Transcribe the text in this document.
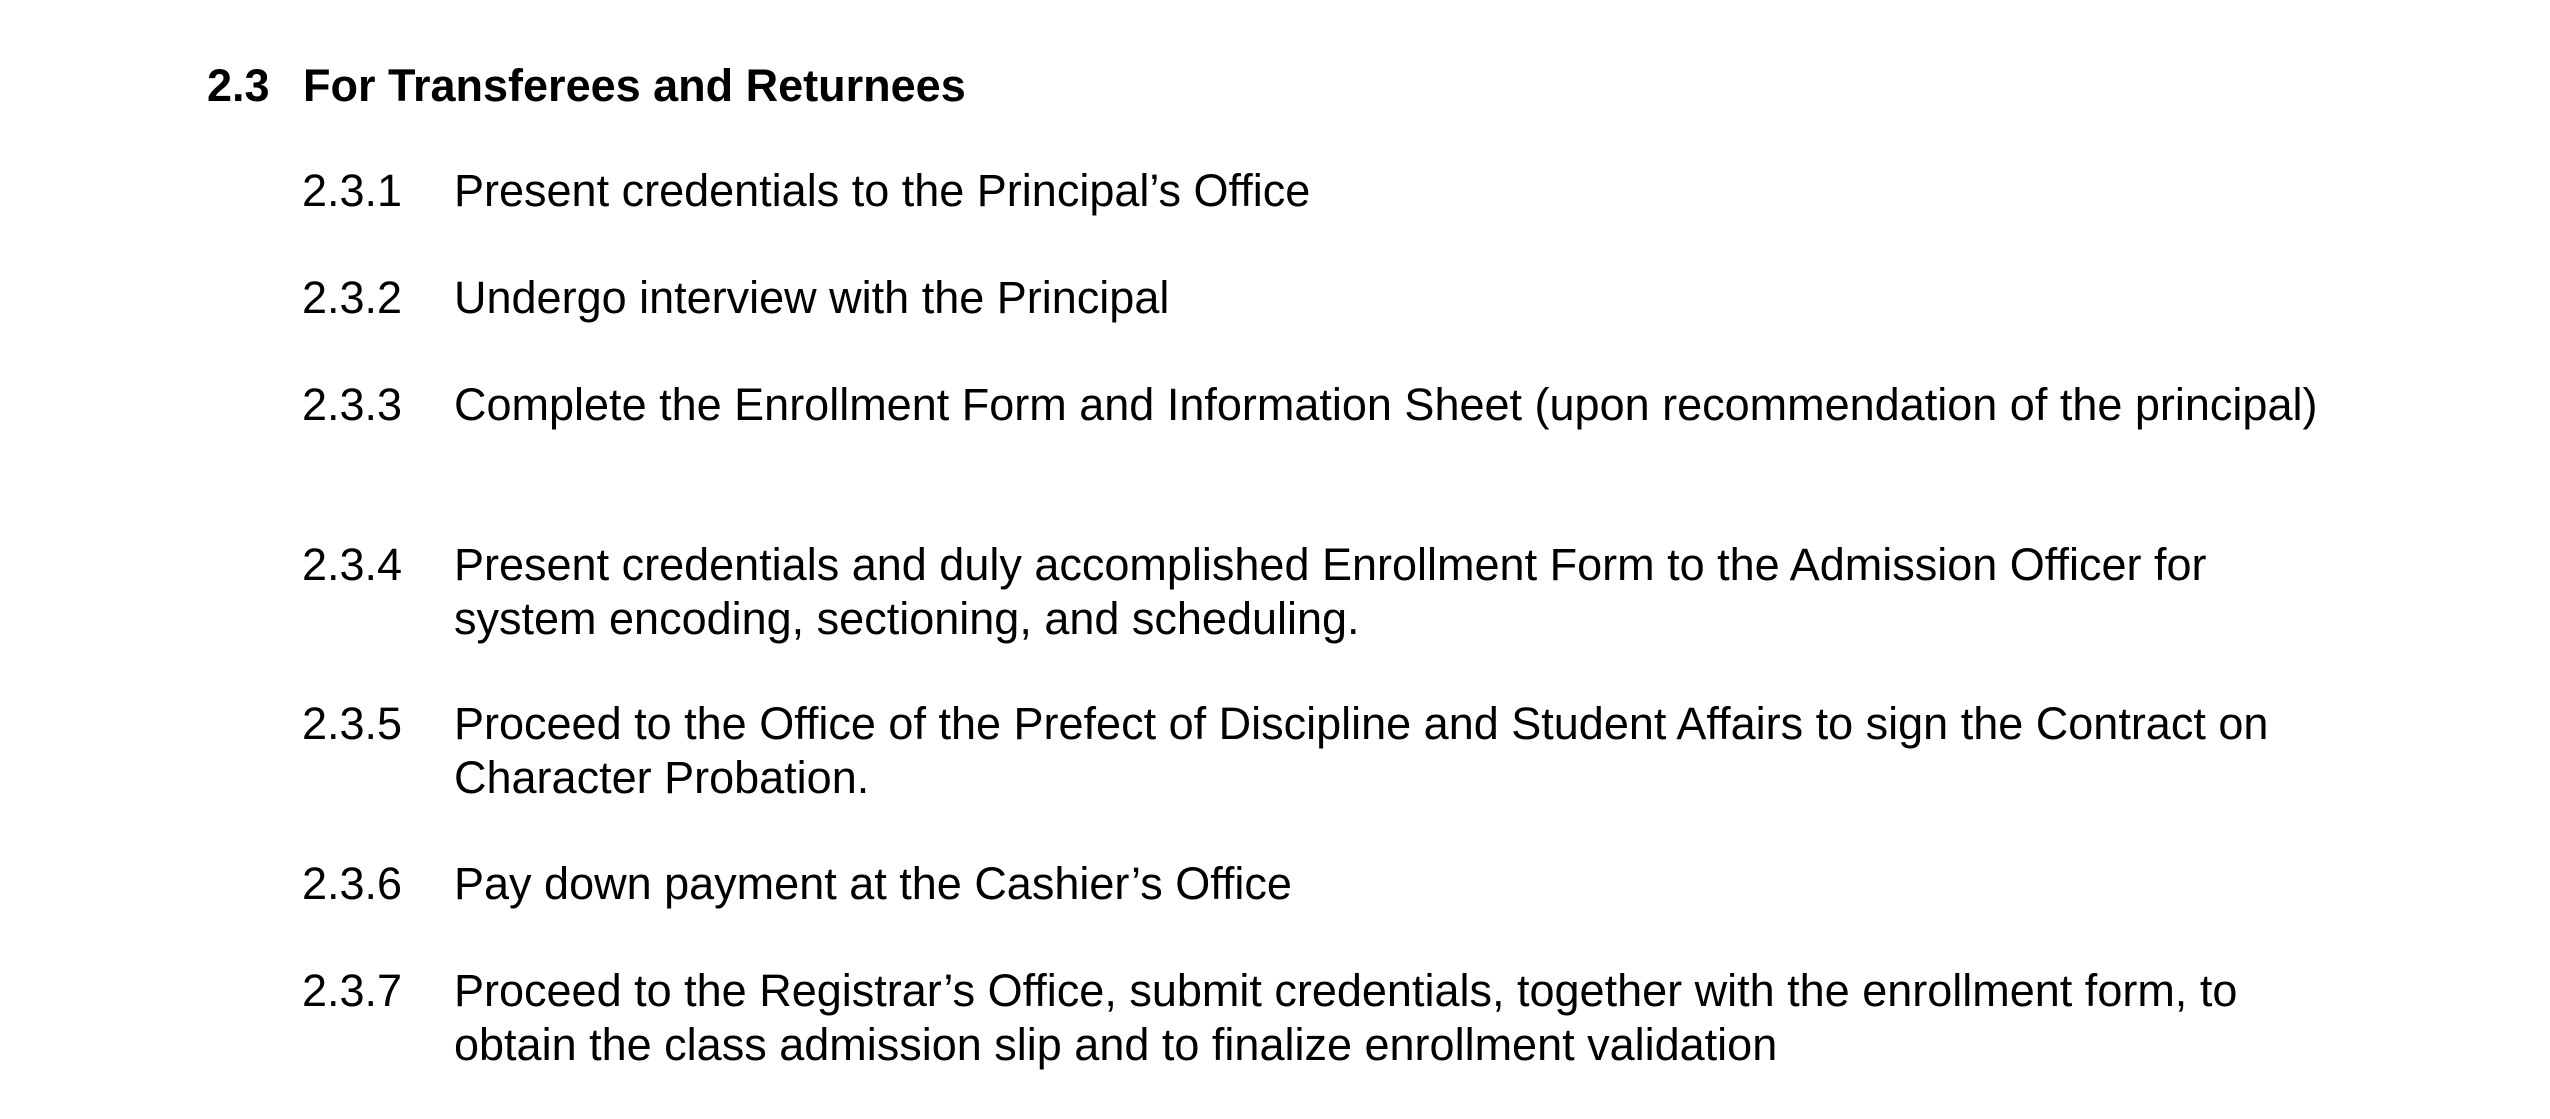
2.3 For Transferees and Returnees
2.3.1 Present credentials to the Principal’s Office
2.3.2 Undergo interview with the Principal
2.3.3 Complete the Enrollment Form and Information Sheet (upon recommendation of the principal)
2.3.4 Present credentials and duly accomplished Enrollment Form to the Admission Officer for system encoding, sectioning, and scheduling.
2.3.5 Proceed to the Office of the Prefect of Discipline and Student Affairs to sign the Contract on Character Probation.
2.3.6 Pay down payment at the Cashier’s Office
2.3.7 Proceed to the Registrar’s Office, submit credentials, together with the enrollment form, to obtain the class admission slip and to finalize enrollment validation
